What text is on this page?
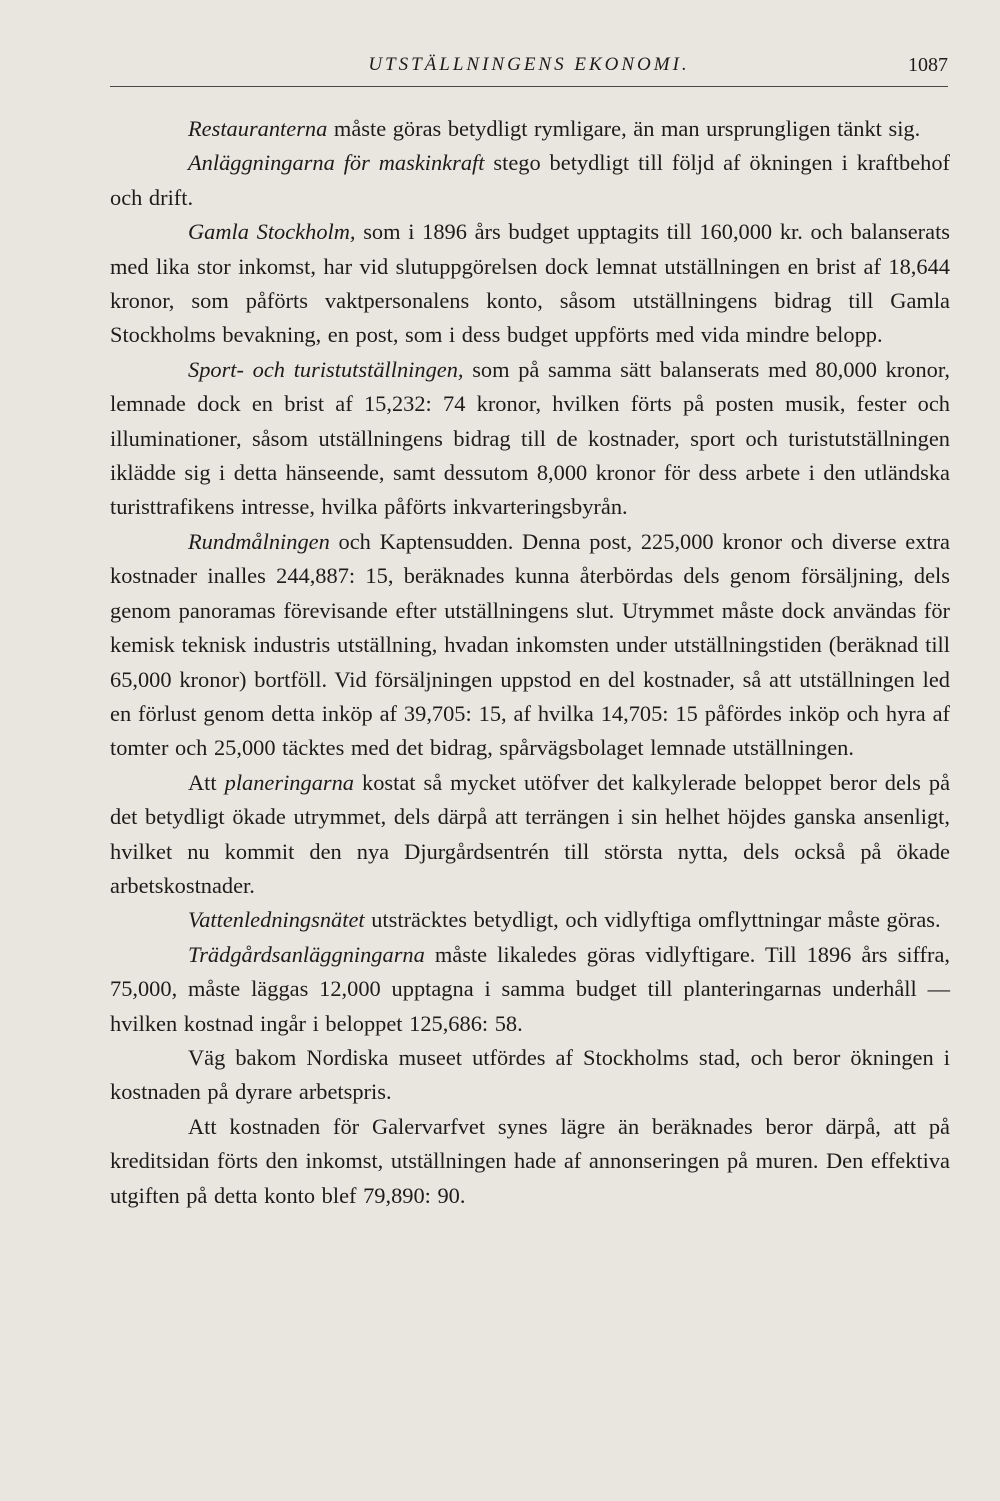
UTSTÄLLNINGENS EKONOMI.	1087

Restauranterna måste göras betydligt rymligare, än man ursprungligen tänkt sig.

Anläggningarna för maskinkraft stego betydligt till följd af ökningen i kraftbehof och drift.

Gamla Stockholm, som i 1896 års budget upptagits till 160,000 kr. och balanserats med lika stor inkomst, har vid slutuppgörelsen dock lemnat utställningen en brist af 18,644 kronor, som påförts vaktpersonalens konto, såsom utställningens bidrag till Gamla Stockholms bevakning, en post, som i dess budget uppförts med vida mindre belopp.

Sport- och turistutställningen, som på samma sätt balanserats med 80,000 kronor, lemnade dock en brist af 15,232: 74 kronor, hvilken förts på posten musik, fester och illuminationer, såsom utställningens bidrag till de kostnader, sport och turistutställningen iklädde sig i detta hänseende, samt dessutom 8,000 kronor för dess arbete i den utländska turisttrafikens intresse, hvilka påförts inkvarteringsbyrån.

Rundmålningen och Kaptensudden. Denna post, 225,000 kronor och diverse extra kostnader inalles 244,887: 15, beräknades kunna återbördas dels genom försäljning, dels genom panoramas förevisande efter utställningens slut. Utrymmet måste dock användas för kemisk teknisk industris utställning, hvadan inkomsten under utställningstiden (beräknad till 65,000 kronor) bortföll. Vid försäljningen uppstod en del kostnader, så att utställningen led en förlust genom detta inköp af 39,705: 15, af hvilka 14,705: 15 påfördes inköp och hyra af tomter och 25,000 täcktes med det bidrag, spårvägsbolaget lemnade utställningen.

Att planeringarna kostat så mycket utöfver det kalkylerade beloppet beror dels på det betydligt ökade utrymmet, dels därpå att terrängen i sin helhet höjdes ganska ansenligt, hvilket nu kommit den nya Djurgårdsentrén till största nytta, dels också på ökade arbetskostnader.

Vattenledningsnätet utsträcktes betydligt, och vidlyftiga omflyttningar måste göras.

Trädgårdsanläggningarna måste likaledes göras vidlyftigare. Till 1896 års siffra, 75,000, måste läggas 12,000 upptagna i samma budget till planteringarnas underhåll — hvilken kostnad ingår i beloppet 125,686: 58.

Väg bakom Nordiska museet utfördes af Stockholms stad, och beror ökningen i kostnaden på dyrare arbetspris.

Att kostnaden för Galervarfvet synes lägre än beräknades beror därpå, att på kreditsidan förts den inkomst, utställningen hade af annonseringen på muren. Den effektiva utgiften på detta konto blef 79,890: 90.
